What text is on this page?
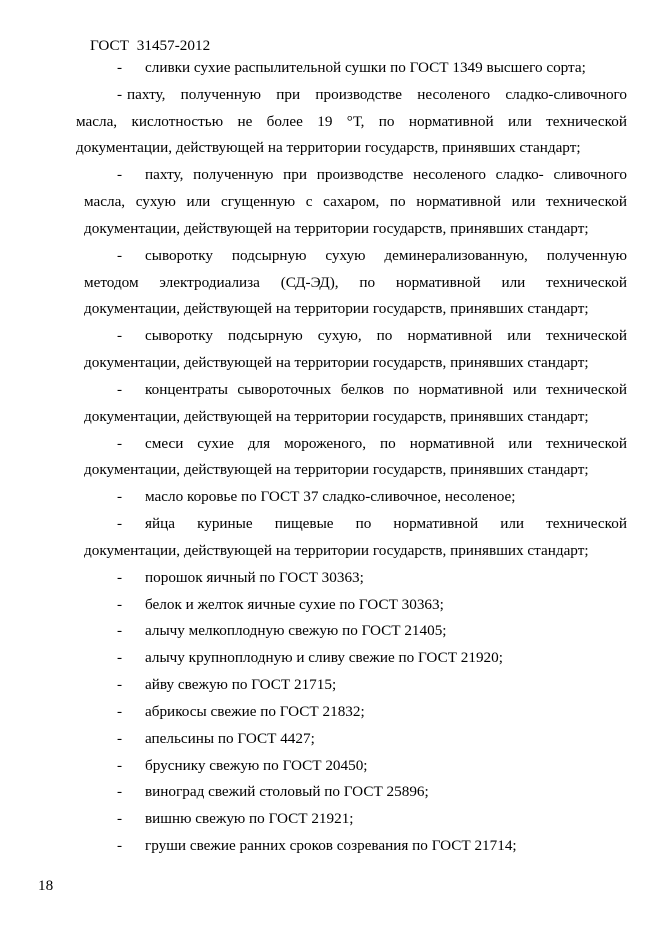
ГОСТ 31457-2012
- сливки сухие распылительной сушки по ГОСТ 1349 высшего сорта;
- пахту, полученную при производстве несоленого сладко-сливочного
масла, кислотностью не более 19 °Т, по нормативной или технической
документации, действующей на территории государств, принявших стандарт;
- пахту, полученную при производстве несоленого сладко- сливочного
масла, сухую или сгущенную с сахаром, по нормативной или технической
документации, действующей на территории государств, принявших стандарт;
- сыворотку подсырную сухую деминерализованную, полученную
методом электродиализа (СД-ЭД), по нормативной или технической
документации, действующей на территории государств, принявших стандарт;
- сыворотку подсырную сухую, по нормативной или технической
документации, действующей на территории государств, принявших стандарт;
- концентраты сывороточных белков по нормативной или технической
документации, действующей на территории государств, принявших стандарт;
- смеси сухие для мороженого, по нормативной или технической
документации, действующей на территории государств, принявших стандарт;
- масло коровье по ГОСТ 37 сладко-сливочное, несоленое;
- яйца куриные пищевые по нормативной или технической
документации, действующей на территории государств, принявших стандарт;
- порошок яичный по ГОСТ 30363;
- белок и желток яичные сухие по ГОСТ 30363;
- алычу мелкоплодную свежую по ГОСТ 21405;
- алычу крупноплодную и сливу свежие по ГОСТ 21920;
- айву свежую по ГОСТ 21715;
- абрикосы свежие по ГОСТ 21832;
- апельсины по ГОСТ 4427;
- бруснику свежую по ГОСТ 20450;
- виноград свежий столовый по ГОСТ 25896;
- вишню свежую по ГОСТ 21921;
- груши свежие ранних сроков созревания по ГОСТ 21714;
18
